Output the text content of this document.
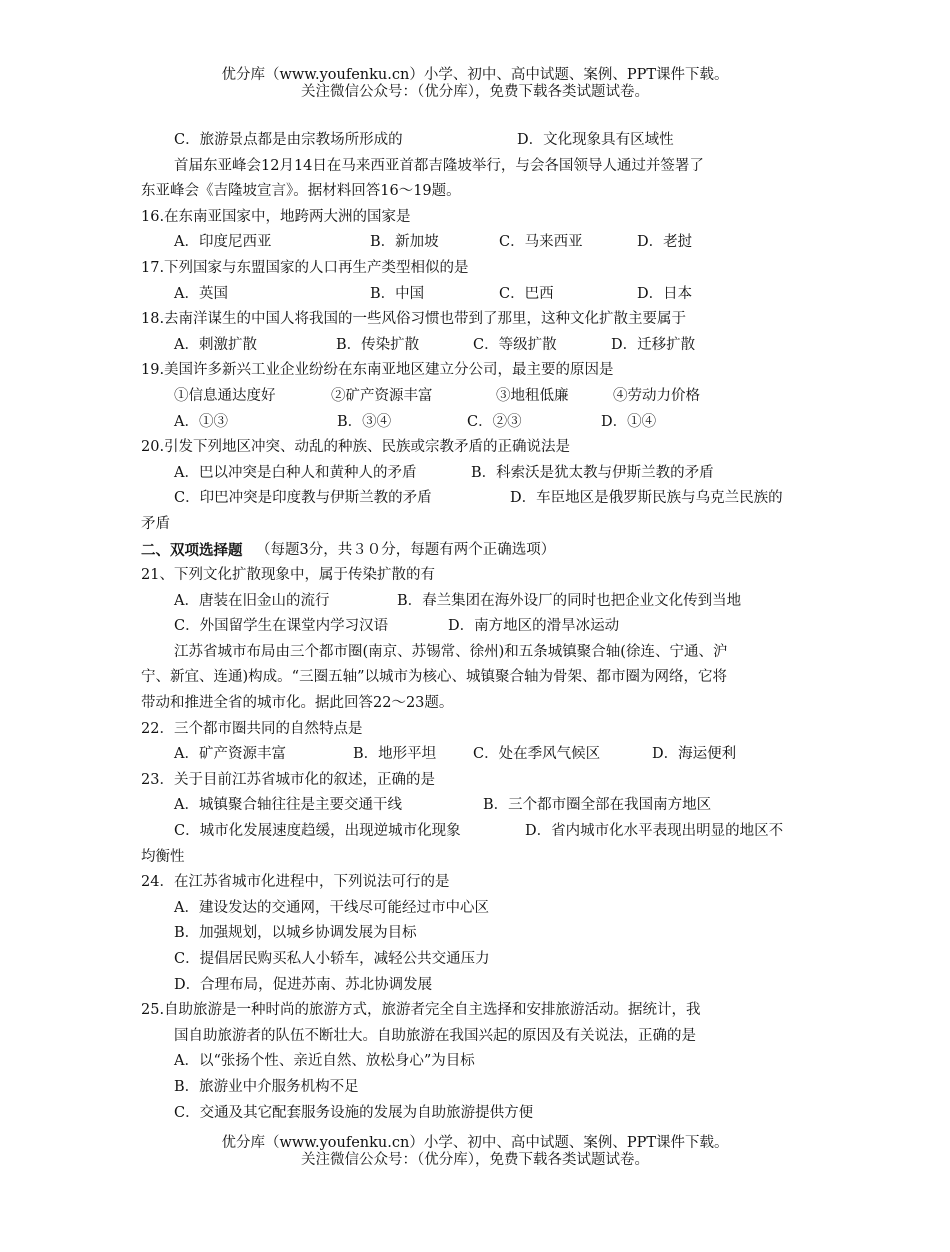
优分库（www.youfenku.cn）小学、初中、高中试题、案例、PPT课件下载。
关注微信公众号：（优分库），免费下载各类试题试卷。
C．旅游景点都是由宗教场所形成的	D．文化现象具有区域性
首届东亚峰会12月14日在马来西亚首都吉隆坡举行，与会各国领导人通过并签署了
东亚峰会《吉隆坡宣言》。据材料回答16～19题。
16.在东南亚国家中，地跨两大洲的国家是
A．印度尼西亚	B．新加坡	C．马来西亚	D．老挝
17.下列国家与东盟国家的人口再生产类型相似的是
A．英国	B．中国	C．巴西	D．日本
18.去南洋谋生的中国人将我国的一些风俗习惯也带到了那里，这种文化扩散主要属于
A．刺激扩散	B．传染扩散	C．等级扩散	D．迁移扩散
19.美国许多新兴工业企业纷纷在东南亚地区建立分公司，最主要的原因是
①信息通达度好	②矿产资源丰富	③地租低廉	④劳动力价格
A．①③	B．③④	C．②③	D．①④
20.引发下列地区冲突、动乱的种族、民族或宗教矛盾的正确说法是
A．巴以冲突是白种人和黄种人的矛盾	B．科索沃是犹太教与伊斯兰教的矛盾
C．印巴冲突是印度教与伊斯兰教的矛盾	D．车臣地区是俄罗斯民族与乌克兰民族的
矛盾
二、双项选择题 （每题3分，共３０分，每题有两个正确选项）
21、下列文化扩散现象中，属于传染扩散的有
A．唐装在旧金山的流行	B．春兰集团在海外设厂的同时也把企业文化传到当地
C．外国留学生在课堂内学习汉语	D．南方地区的滑旱冰运动
江苏省城市布局由三个都市圈(南京、苏锡常、徐州)和五条城镇聚合轴(徐连、宁通、沪
宁、新宜、连通)构成。“三圈五轴”以城市为核心、城镇聚合轴为骨架、都市圈为网络，它将
带动和推进全省的城市化。据此回答22～23题。
22．三个都市圈共同的自然特点是
A．矿产资源丰富	B．地形平坦	C．处在季风气候区	D．海运便利
23．关于目前江苏省城市化的叙述，正确的是
A．城镇聚合轴往往是主要交通干线	B．三个都市圈全部在我国南方地区
C．城市化发展速度趋缓，出现逆城市化现象	D．省内城市化水平表现出明显的地区不
均衡性
24．在江苏省城市化进程中，下列说法可行的是
A．建设发达的交通网，干线尽可能经过市中心区
B．加强规划，以城乡协调发展为目标
C．提倡居民购买私人小轿车，减轻公共交通压力
D．合理布局，促进苏南、苏北协调发展
25.自助旅游是一种时尚的旅游方式，旅游者完全自主选择和安排旅游活动。据统计，我
国自助旅游者的队伍不断壮大。自助旅游在我国兴起的原因及有关说法，正确的是
A．以“张扬个性、亲近自然、放松身心”为目标
B．旅游业中介服务机构不足
C．交通及其它配套服务设施的发展为自助旅游提供方便
优分库（www.youfenku.cn）小学、初中、高中试题、案例、PPT课件下载。
关注微信公众号：（优分库），免费下载各类试题试卷。
